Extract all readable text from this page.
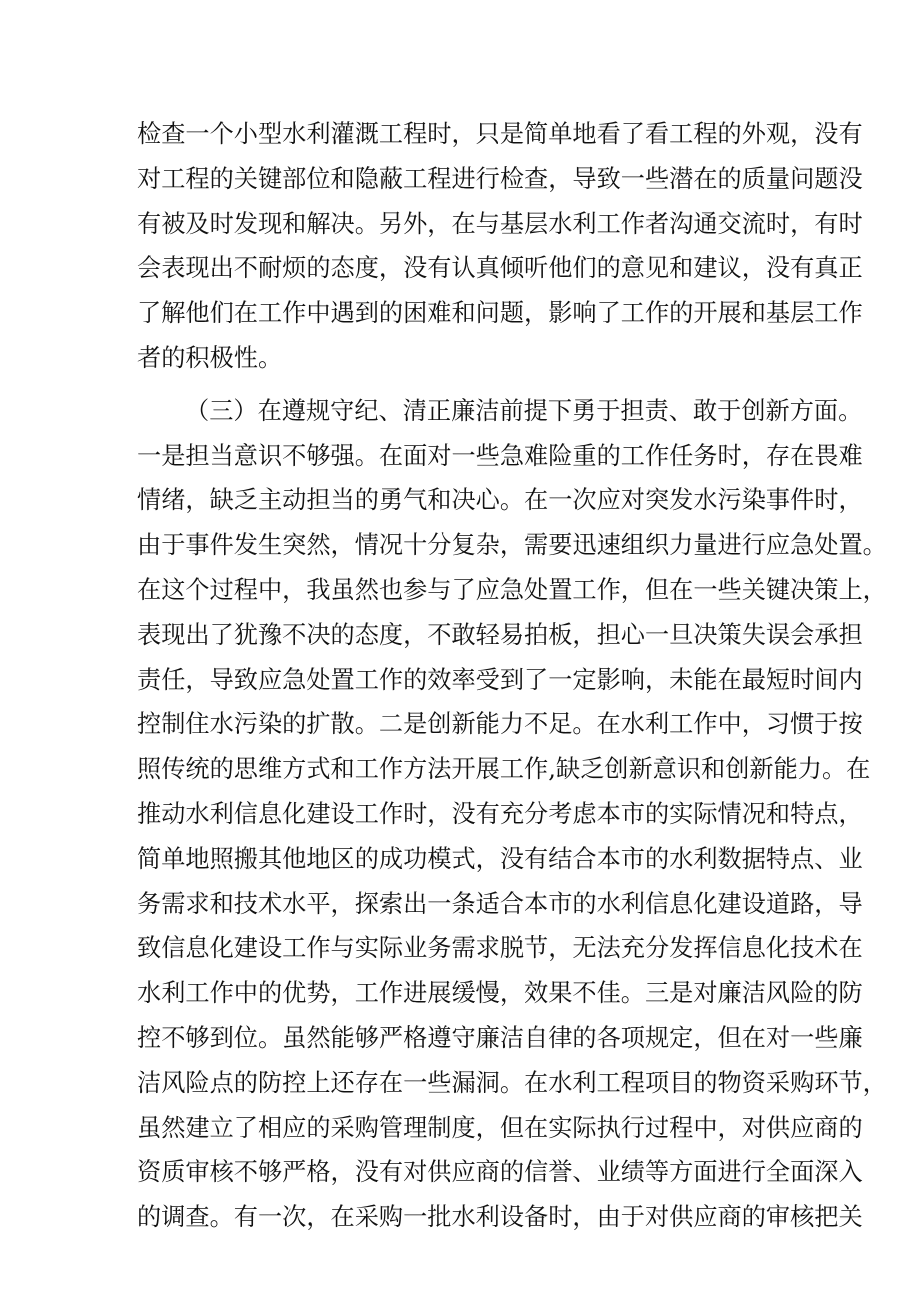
检查一个小型水利灌溉工程时，只是简单地看了看工程的外观，没有
对工程的关键部位和隐蔽工程进行检查，导致一些潜在的质量问题没
有被及时发现和解决。另外，在与基层水利工作者沟通交流时，有时
会表现出不耐烦的态度，没有认真倾听他们的意见和建议，没有真正
了解他们在工作中遇到的困难和问题，影响了工作的开展和基层工作
者的积极性。
（三）在遵规守纪、清正廉洁前提下勇于担责、敢于创新方面。
一是担当意识不够强。在面对一些急难险重的工作任务时，存在畏难
情绪，缺乏主动担当的勇气和决心。在一次应对突发水污染事件时，
由于事件发生突然，情况十分复杂，需要迅速组织力量进行应急处置。
在这个过程中，我虽然也参与了应急处置工作，但在一些关键决策上，
表现出了犹豫不决的态度，不敢轻易拍板，担心一旦决策失误会承担
责任，导致应急处置工作的效率受到了一定影响，未能在最短时间内
控制住水污染的扩散。二是创新能力不足。在水利工作中，习惯于按
照传统的思维方式和工作方法开展工作,缺乏创新意识和创新能力。在
推动水利信息化建设工作时，没有充分考虑本市的实际情况和特点，
简单地照搬其他地区的成功模式，没有结合本市的水利数据特点、业
务需求和技术水平，探索出一条适合本市的水利信息化建设道路，导
致信息化建设工作与实际业务需求脱节，无法充分发挥信息化技术在
水利工作中的优势，工作进展缓慢，效果不佳。三是对廉洁风险的防
控不够到位。虽然能够严格遵守廉洁自律的各项规定，但在对一些廉
洁风险点的防控上还存在一些漏洞。在水利工程项目的物资采购环节，
虽然建立了相应的采购管理制度，但在实际执行过程中，对供应商的
资质审核不够严格，没有对供应商的信誉、业绩等方面进行全面深入
的调查。有一次，在采购一批水利设备时，由于对供应商的审核把关
